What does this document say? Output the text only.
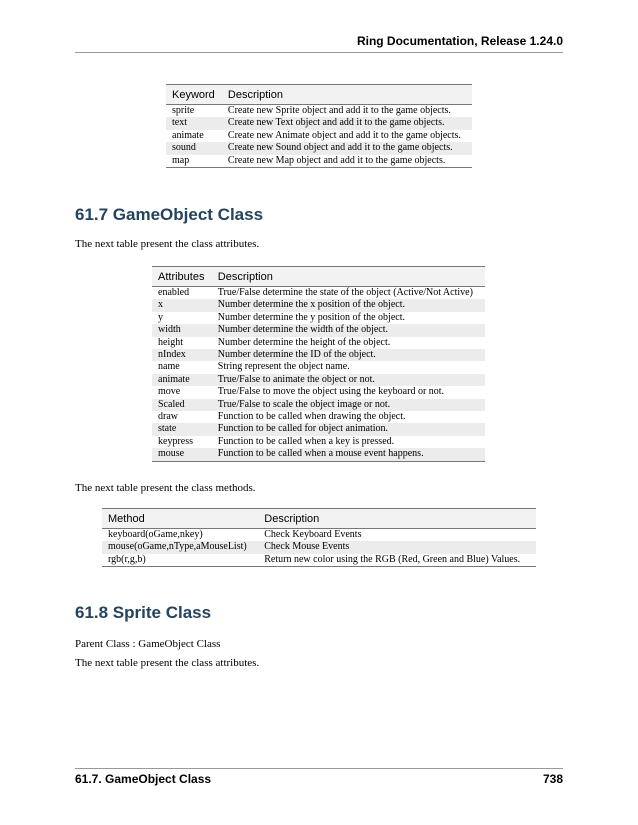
Ring Documentation, Release 1.24.0
Keyword	Description
sprite	Create new Sprite object and add it to the game objects.
text	Create new Text object and add it to the game objects.
animate	Create new Animate object and add it to the game objects.
sound	Create new Sound object and add it to the game objects.
map	Create new Map object and add it to the game objects.
61.7 GameObject Class

The next table present the class attributes.

Attributes	Description
enabled	True/False determine the state of the object (Active/Not Active)
x	Number determine the x position of the object.
y	Number determine the y position of the object.
width	Number determine the width of the object.
height	Number determine the height of the object.
nIndex	Number determine the ID of the object.
name	String represent the object name.
animate	True/False to animate the object or not.
move	True/False to move the object using the keyboard or not.
Scaled	True/False to scale the object image or not.
draw	Function to be called when drawing the object.
state	Function to be called for object animation.
keypress	Function to be called when a key is pressed.
mouse	Function to be called when a mouse event happens.

The next table present the class methods.

Method	Description
keyboard(oGame,nkey)	Check Keyboard Events
mouse(oGame,nType,aMouseList)	Check Mouse Events
rgb(r,g,b)	Return new color using the RGB (Red, Green and Blue) Values.
61.8 Sprite Class

Parent Class : GameObject Class

The next table present the class attributes.

61.7. GameObject Class	738
